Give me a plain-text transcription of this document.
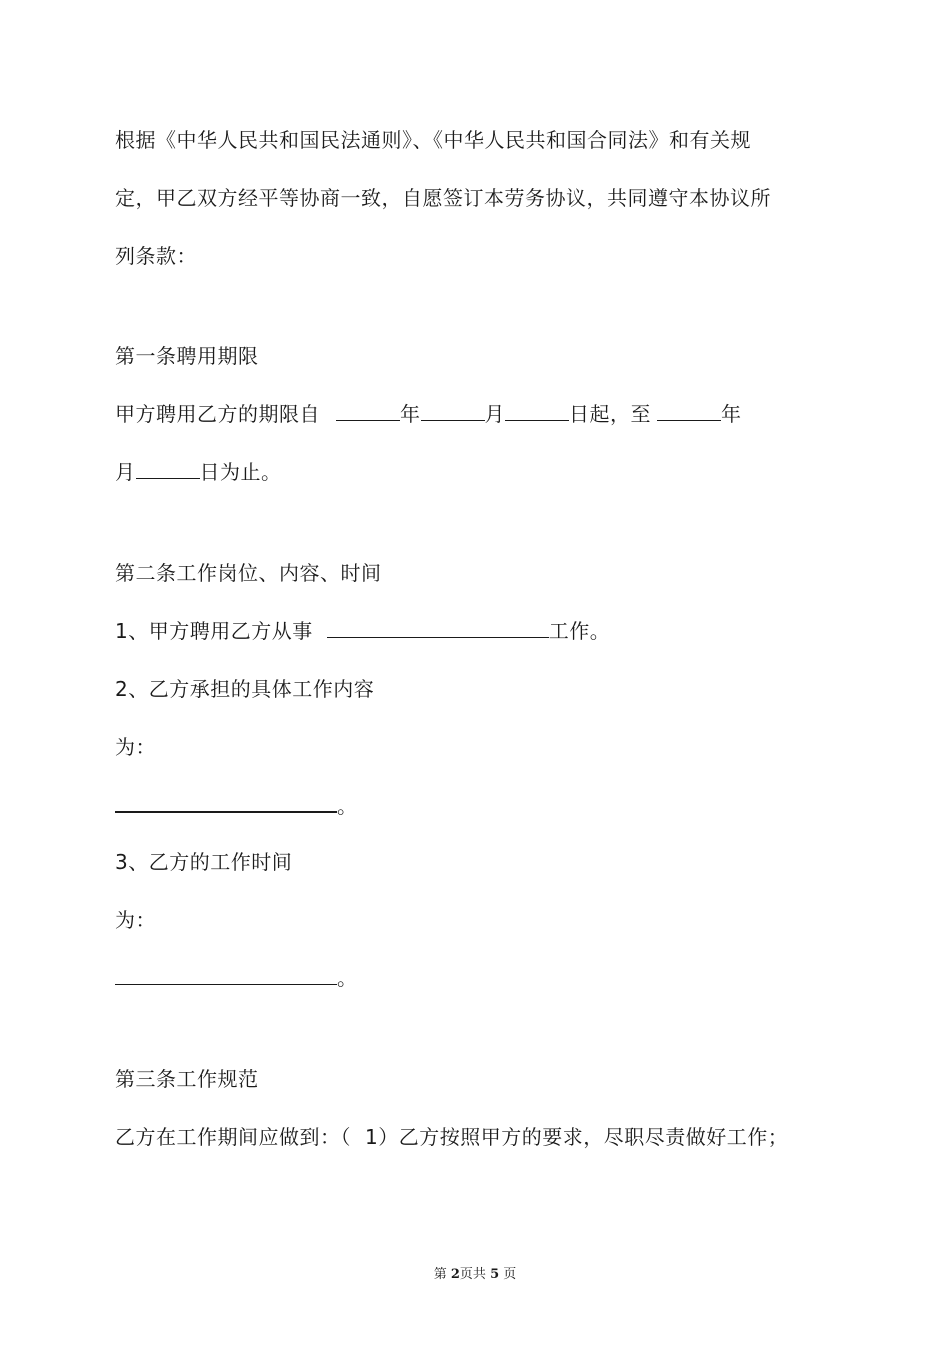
根据《中华人民共和国民法通则》、《中华人民共和国合同法》和有关规
定，甲乙双方经平等协商一致，自愿签订本劳务协议，共同遵守本协议所
列条款：
第一条聘用期限
甲方聘用乙方的期限自	年	月	日起，至	年
月	日为止。
第二条工作岗位、内容、时间
1、甲方聘用乙方从事	工作。
2、乙方承担的具体工作内容
为：
。
3、乙方的工作时间
为：
。
第三条工作规范
乙方在工作期间应做到：（ 1）乙方按照甲方的要求，尽职尽责做好工作；
第 2页共 5 页
